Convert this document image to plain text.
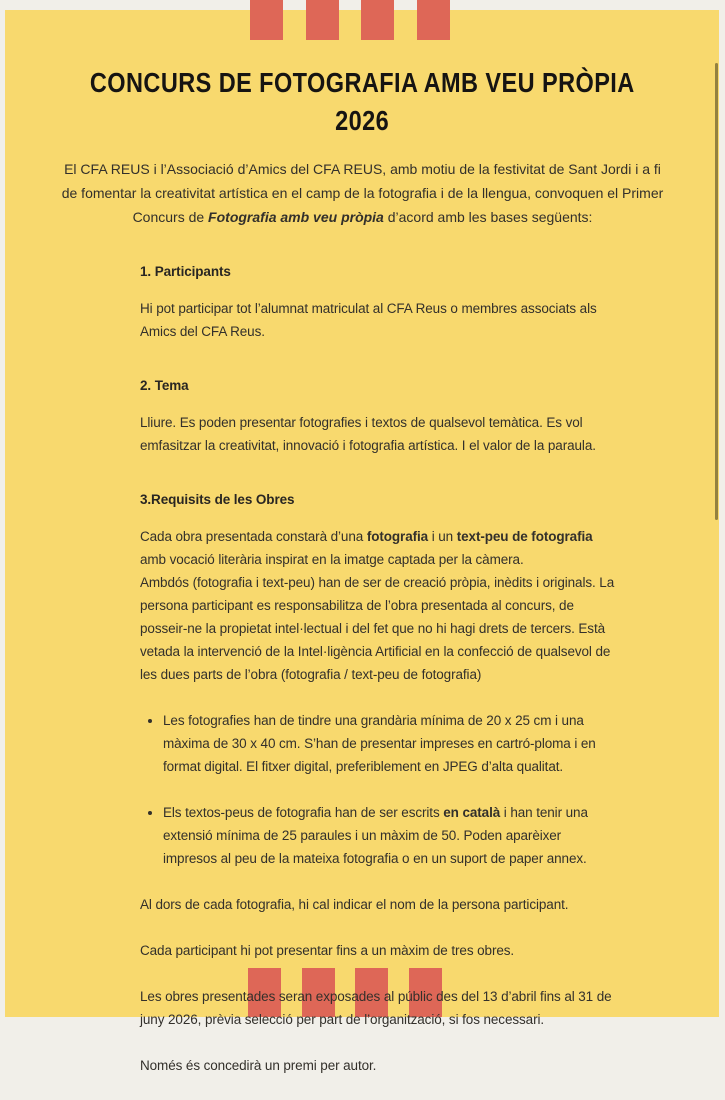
CONCURS DE FOTOGRAFIA AMB VEU PRÒPIA
2026

El CFA REUS i l’Associació d’Amics del CFA REUS, amb motiu de la festivitat de Sant Jordi i a fi de fomentar la creativitat artística en el camp de la fotografia i de la llengua, convoquen el Primer Concurs de Fotografia amb veu pròpia d’acord amb les bases següents:

1. Participants

Hi pot participar tot l’alumnat matriculat al CFA Reus o membres associats als Amics del CFA Reus.

2. Tema

Lliure. Es poden presentar fotografies i textos de qualsevol temàtica. Es vol emfasitzar la creativitat, innovació i fotografia artística. I el valor de la paraula.

3.Requisits de les Obres

Cada obra presentada constarà d’una fotografia i un text-peu de fotografia amb vocació literària inspirat en la imatge captada per la càmera.
Ambdós (fotografia i text-peu) han de ser de creació pròpia, inèdits i originals. La persona participant es responsabilitza de l’obra presentada al concurs, de posseir-ne la propietat intel·lectual i del fet que no hi hagi drets de tercers. Està vetada la intervenció de la Intel·ligència Artificial en la confecció de qualsevol de les dues parts de l’obra (fotografia / text-peu de fotografia)

• Les fotografies han de tindre una grandària mínima de 20 x 25 cm i una màxima de 30 x 40 cm. S’han de presentar impreses en cartró-ploma i en format digital. El fitxer digital, preferiblement en JPEG d’alta qualitat.
• Els textos-peus de fotografia han de ser escrits en català i han tenir una extensió mínima de 25 paraules i un màxim de 50. Poden aparèixer impresos al peu de la mateixa fotografia o en un suport de paper annex.

Al dors de cada fotografia, hi cal indicar el nom de la persona participant.

Cada participant hi pot presentar fins a un màxim de tres obres.

Les obres presentades seran exposades al públic des del 13 d’abril fins al 31 de juny 2026, prèvia selecció per part de l’organització, si fos necessari.

Només és concedirà un premi per autor.
